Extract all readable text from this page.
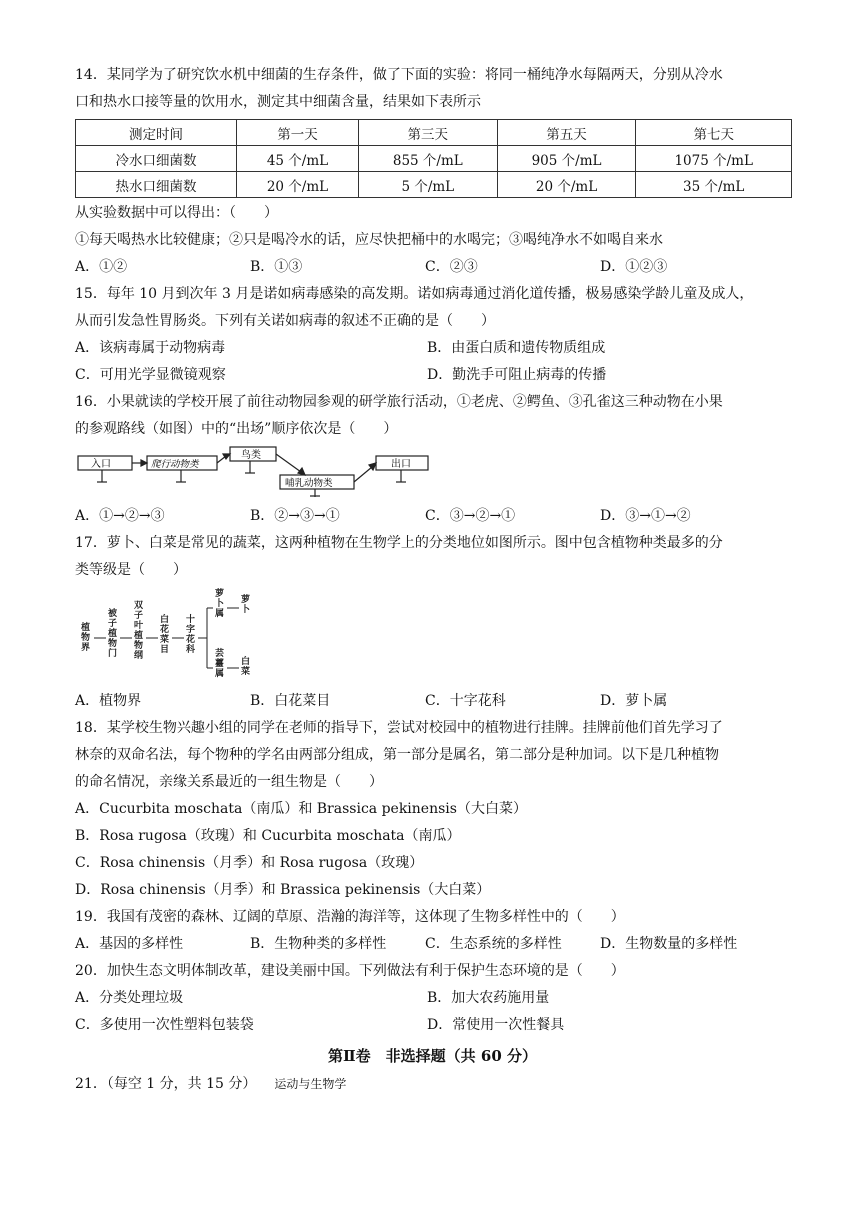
14．某同学为了研究饮水机中细菌的生存条件，做了下面的实验：将同一桶纯净水每隔两天，分别从冷水

口和热水口接等量的饮用水，测定其中细菌含量，结果如下表所示

测定时间	第一天	第三天	第五天	第七天
冷水口细菌数	45 个/mL	855 个/mL	905 个/mL	1075 个/mL
热水口细菌数	20 个/mL	5 个/mL	20 个/mL	35 个/mL

从实验数据中可以得出：（　　）

①每天喝热水比较健康；②只是喝冷水的话，应尽快把桶中的水喝完；③喝纯净水不如喝自来水

A．①②	B．①③	C．②③	D．①②③

15．每年 10 月到次年 3 月是诺如病毒感染的高发期。诺如病毒通过消化道传播，极易感染学龄儿童及成人，

从而引发急性胃肠炎。下列有关诺如病毒的叙述不正确的是（　　）

A．该病毒属于动物病毒	B．由蛋白质和遗传物质组成
C．可用光学显微镜观察	D．勤洗手可阻止病毒的传播

16．小果就读的学校开展了前往动物园参观的研学旅行活动，①老虎、②鳄鱼、③孔雀这三种动物在小果

的参观路线（如图）中的“出场”顺序依次是（　　）

入口	爬行动物类
鸟类
哺乳动物类
出口
A．①→②→③	B．②→③→①	C．③→②→①	D．③→①→②

17．萝卜、白菜是常见的蔬菜，这两种植物在生物学上的分类地位如图所示。图中包含植物种类最多的分

类等级是（　　）

植物界
被子植物门
双子叶植物纲
白花菜目
十字花科
萝卜属
萝卜
芸薹属
白菜
A．植物界	B．白花菜目	C．十字花科	D．萝卜属

18．某学校生物兴趣小组的同学在老师的指导下，尝试对校园中的植物进行挂牌。挂牌前他们首先学习了

林奈的双命名法，每个物种的学名由两部分组成，第一部分是属名，第二部分是种加词。以下是几种植物

的命名情况，亲缘关系最近的一组生物是（　　）

A．Cucurbita moschata（南瓜）和 Brassica pekinensis（大白菜）

B．Rosa rugosa（玫瑰）和 Cucurbita moschata（南瓜）

C．Rosa chinensis（月季）和 Rosa rugosa（玫瑰）

D．Rosa chinensis（月季）和 Brassica pekinensis（大白菜）

19．我国有茂密的森林、辽阔的草原、浩瀚的海洋等，这体现了生物多样性中的（　　）

A．基因的多样性	B．生物种类的多样性	C．生态系统的多样性	D．生物数量的多样性

20．加快生态文明体制改革，建设美丽中国。下列做法有利于保护生态环境的是（　　）

A．分类处理垃圾	B．加大农药施用量
C．多使用一次性塑料包装袋	D．常使用一次性餐具
第Ⅱ卷　非选择题（共 60 分）
21．（每空 1 分，共 15 分） 运动与生物学
